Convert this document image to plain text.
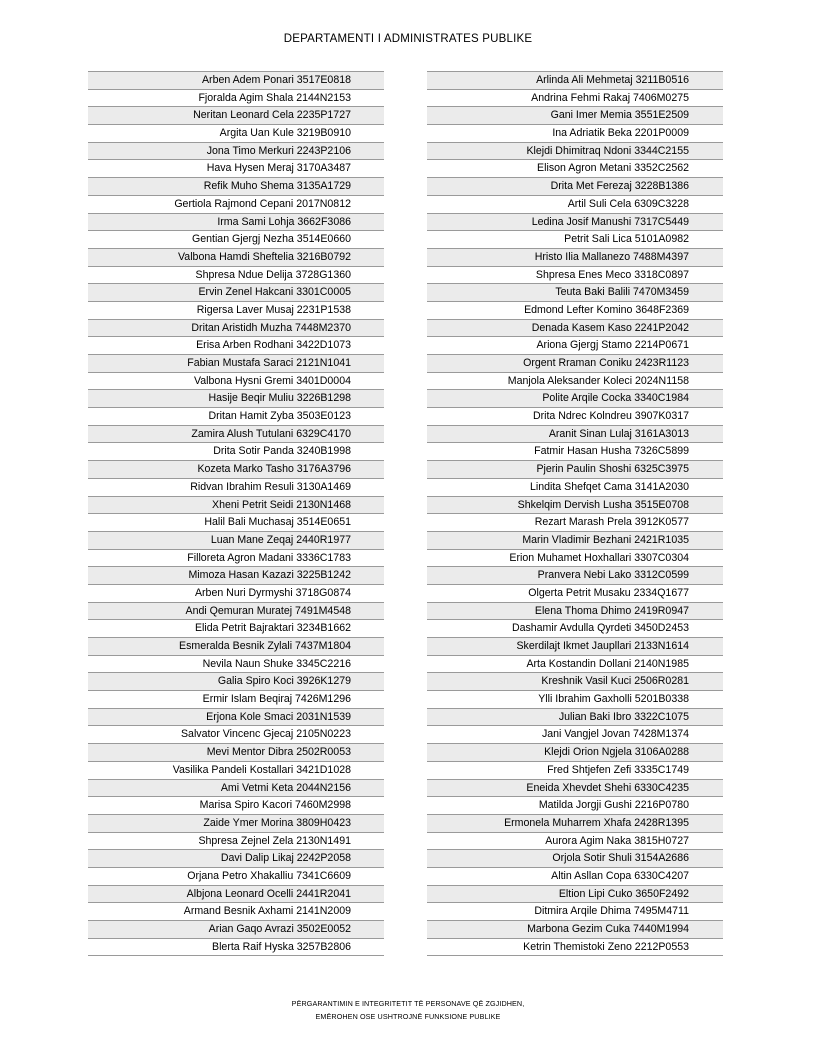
DEPARTAMENTI I ADMINISTRATES PUBLIKE
Arben Adem Ponari 3517E0818
Fjoralda Agim Shala 2144N2153
Neritan Leonard Cela 2235P1727
Argita Uan Kule 3219B0910
Jona Timo Merkuri 2243P2106
Hava Hysen Meraj 3170A3487
Refik Muho Shema 3135A1729
Gertiola Rajmond Cepani 2017N0812
Irma Sami Lohja 3662F3086
Gentian Gjergj Nezha 3514E0660
Valbona Hamdi Sheftelia 3216B0792
Shpresa Ndue Delija 3728G1360
Ervin Zenel Hakcani 3301C0005
Rigersa Laver Musaj 2231P1538
Dritan Aristidh Muzha 7448M2370
Erisa Arben Rodhani 3422D1073
Fabian Mustafa Saraci 2121N1041
Valbona Hysni Gremi 3401D0004
Hasije Beqir Muliu 3226B1298
Dritan Hamit Zyba 3503E0123
Zamira Alush Tutulani 6329C4170
Drita Sotir Panda 3240B1998
Kozeta Marko Tasho 3176A3796
Ridvan Ibrahim Resuli 3130A1469
Xheni Petrit Seidi 2130N1468
Halil Bali Muchasaj 3514E0651
Luan Mane Zeqaj 2440R1977
Filloreta Agron Madani 3336C1783
Mimoza Hasan Kazazi 3225B1242
Arben Nuri Dyrmyshi 3718G0874
Andi Qemuran Muratej 7491M4548
Elida Petrit Bajraktari 3234B1662
Esmeralda Besnik Zylali 7437M1804
Nevila Naun Shuke 3345C2216
Galia Spiro Koci 3926K1279
Ermir Islam Beqiraj 7426M1296
Erjona Kole Smaci 2031N1539
Salvator Vincenc Gjecaj 2105N0223
Mevi Mentor Dibra 2502R0053
Vasilika Pandeli Kostallari 3421D1028
Ami Vetmi Keta 2044N2156
Marisa Spiro Kacori 7460M2998
Zaide Ymer Morina 3809H0423
Shpresa Zejnel Zela 2130N1491
Davi Dalip Likaj 2242P2058
Orjana Petro Xhakalliu 7341C6609
Albjona Leonard Ocelli 2441R2041
Armand Besnik Axhami 2141N2009
Arian Gaqo Avrazi 3502E0052
Blerta Raif Hyska 3257B2806
Arlinda Ali Mehmetaj 3211B0516
Andrina Fehmi Rakaj 7406M0275
Gani Imer Memia 3551E2509
Ina Adriatik Beka 2201P0009
Klejdi Dhimitraq Ndoni 3344C2155
Elison Agron Metani 3352C2562
Drita Met Ferezaj 3228B1386
Artil Suli Cela 6309C3228
Ledina Josif Manushi 7317C5449
Petrit Sali Lica 5101A0982
Hristo Ilia Mallanezo 7488M4397
Shpresa Enes Meco 3318C0897
Teuta Baki Balili 7470M3459
Edmond Lefter Komino 3648F2369
Denada Kasem Kaso 2241P2042
Ariona Gjergj Stamo 2214P0671
Orgent Rraman Coniku 2423R1123
Manjola Aleksander Koleci 2024N1158
Polite Arqile Cocka 3340C1984
Drita Ndrec Kolndreu 3907K0317
Aranit Sinan Lulaj 3161A3013
Fatmir Hasan Husha 7326C5899
Pjerin Paulin Shoshi 6325C3975
Lindita Shefqet Cama 3141A2030
Shkelqim Dervish Lusha 3515E0708
Rezart Marash Prela 3912K0577
Marin Vladimir Bezhani 2421R1035
Erion Muhamet Hoxhallari 3307C0304
Pranvera Nebi Lako 3312C0599
Olgerta Petrit Musaku 2334Q1677
Elena Thoma Dhimo 2419R0947
Dashamir Avdulla Qyrdeti 3450D2453
Skerdilajt Ikmet Jaupllari 2133N1614
Arta Kostandin Dollani 2140N1985
Kreshnik Vasil Kuci 2506R0281
Ylli Ibrahim Gaxholli 5201B0338
Julian Baki Ibro 3322C1075
Jani Vangjel Jovan 7428M1374
Klejdi Orion Ngjela 3106A0288
Fred Shtjefen Zefi 3335C1749
Eneida Xhevdet Shehi 6330C4235
Matilda Jorgji Gushi 2216P0780
Ermonela Muharrem Xhafa 2428R1395
Aurora Agim Naka 3815H0727
Orjola Sotir Shuli 3154A2686
Altin Asllan Copa 6330C4207
Eltion Lipi Cuko 3650F2492
Ditmira Arqile Dhima 7495M4711
Marbona Gezim Cuka 7440M1994
Ketrin Themistoki Zeno 2212P0553
PËRGARANTIMIN E INTEGRITETIT TË PERSONAVE QË ZGJIDHEN,
EMËROHEN OSE USHTROJNË FUNKSIONE PUBLIKE
